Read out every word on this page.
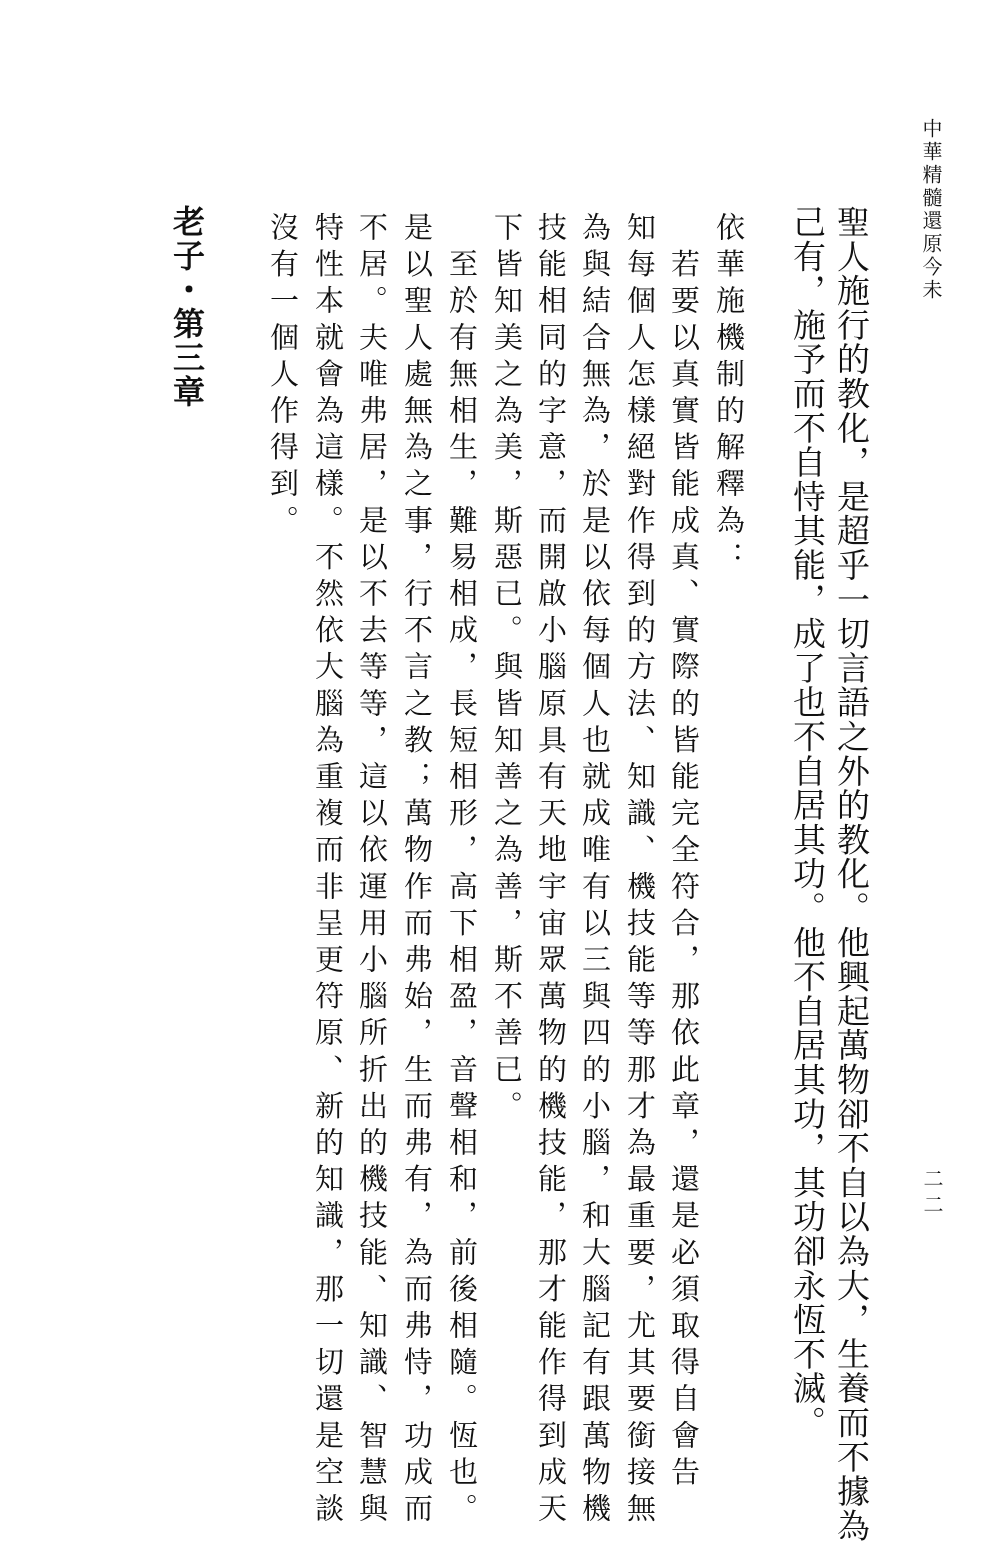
中華精髓還原今未
二二
聖人施行的教化，是超乎一切言語之外的教化。他興起萬物卻不自以為大，生養而不據為
己有，施予而不自恃其能，成了也不自居其功。他不自居其功，其功卻永恆不滅。
依華施機制的解釋為：
　若要以真實皆能成真、實際的皆能完全符合，那依此章，還是必須取得自會告
知每個人怎樣絕對作得到的方法、知識、機技能等等那才為最重要，尤其要銜接無
為與結合無為，於是以依每個人也就成唯有以三與四的小腦，和大腦記有跟萬物機
技能相同的字意，而開啟小腦原具有天地宇宙眾萬物的機技能，那才能作得到成天
下皆知美之為美，斯惡已。與皆知善之為善，斯不善已。
　至於有無相生，難易相成，長短相形，高下相盈，音聲相和，前後相隨。恆也。
是以聖人處無為之事，行不言之教；萬物作而弗始，生而弗有，為而弗恃，功成而
不居。夫唯弗居，是以不去等等，這以依運用小腦所折出的機技能、知識、智慧與
特性本就會為這樣。不然依大腦為重複而非呈更符原、新的知識，那一切還是空談
沒有一個人作得到。
老子・第三章
